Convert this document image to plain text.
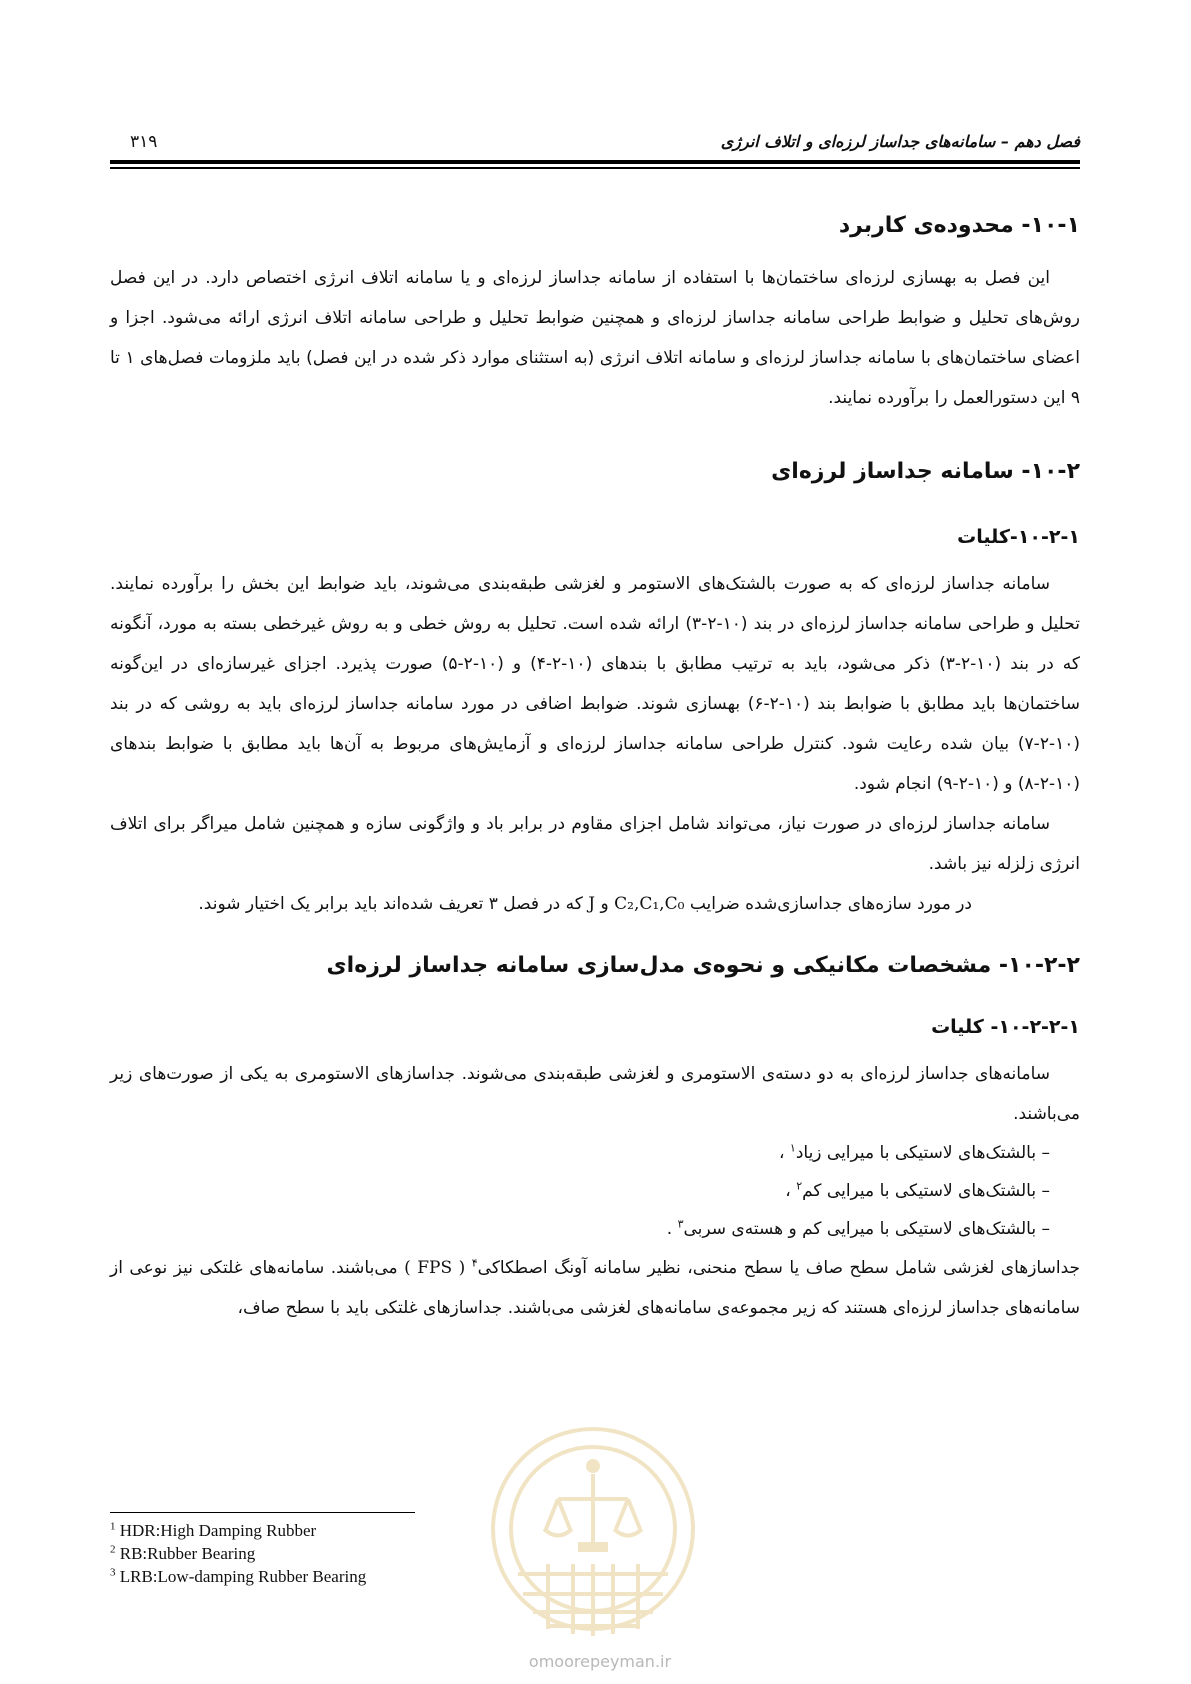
فصل دهم – سامانه‌های جداساز لرزه‌ای و اتلاف انرژی
۳۱۹
۱۰-۱- محدوده‌ی کاربرد

این فصل به بهسازی لرزه‌ای ساختمان‌ها با استفاده از سامانه جداساز لرزه‌ای و یا سامانه اتلاف انرژی اختصاص دارد. در این فصل روش‌های تحلیل و ضوابط طراحی سامانه جداساز لرزه‌ای و همچنین ضوابط تحلیل و طراحی سامانه اتلاف انرژی ارائه می‌شود. اجزا و اعضای ساختمان‌های با سامانه جداساز لرزه‌ای و سامانه اتلاف انرژی (به استثنای موارد ذکر شده در این فصل) باید ملزومات فصل‌های ۱ تا ۹ این دستورالعمل را برآورده نمایند.

۱۰-۲- سامانه جداساز لرزه‌ای
۱۰-۲-۱-کلیات

سامانه جداساز لرزه‌ای که به صورت بالشتک‌های الاستومر و لغزشی طبقه‌بندی می‌شوند، باید ضوابط این بخش را برآورده نمایند. تحلیل و طراحی سامانه جداساز لرزه‌ای در بند (۱۰-۲-۳) ارائه شده است. تحلیل به روش خطی و به روش غیرخطی بسته به مورد، آنگونه که در بند (۱۰-۲-۳) ذکر می‌شود، باید به ترتیب مطابق با بندهای (۱۰-۲-۴) و (۱۰-۲-۵) صورت پذیرد. اجزای غیرسازه‌ای در این‌گونه ساختمان‌ها باید مطابق با ضوابط بند (۱۰-۲-۶) بهسازی شوند. ضوابط اضافی در مورد سامانه جداساز لرزه‌ای باید به روشی که در بند (۱۰-۲-۷) بیان شده رعایت شود. کنترل طراحی سامانه جداساز لرزه‌ای و آزمایش‌های مربوط به آن‌ها باید مطابق با ضوابط بندهای (۱۰-۲-۸) و (۱۰-۲-۹) انجام شود.

سامانه جداساز لرزه‌ای در صورت نیاز، می‌تواند شامل اجزای مقاوم در برابر باد و واژگونی سازه و همچنین شامل میراگر برای اتلاف انرژی زلزله نیز باشد.

در مورد سازه‌های جداسازی‌شده ضرایب C₂,C₁,C₀ و J که در فصل ۳ تعریف شده‌اند باید برابر یک اختیار شوند.

۱۰-۲-۲- مشخصات مکانیکی و نحوه‌ی مدل‌سازی سامانه جداساز لرزه‌ای
۱۰-۲-۲-۱- کلیات

سامانه‌های جداساز لرزه‌ای به دو دسته‌ی الاستومری و لغزشی طبقه‌بندی می‌شوند. جداسازهای الاستومری به یکی از صورت‌های زیر می‌باشند.

– بالشتک‌های لاستیکی با میرایی زیاد$^۱$ ،
– بالشتک‌های لاستیکی با میرایی کم$^۲$ ،
– بالشتک‌های لاستیکی با میرایی کم و هسته‌ی سربی$^۳$ .

جداسازهای لغزشی شامل سطح صاف یا سطح منحنی، نظیر سامانه آونگ اصطکاکی$^۴$ ( FPS ) می‌باشند. سامانه‌های غلتکی نیز نوعی از سامانه‌های جداساز لرزه‌ای هستند که زیر مجموعه‌ی سامانه‌های لغزشی می‌باشند. جداسازهای غلتکی باید با سطح صاف،

$^1$ HDR:High Damping Rubber
$^2$ RB:Rubber Bearing
$^3$ LRB:Low-damping Rubber Bearing
omoorepeyman.ir
